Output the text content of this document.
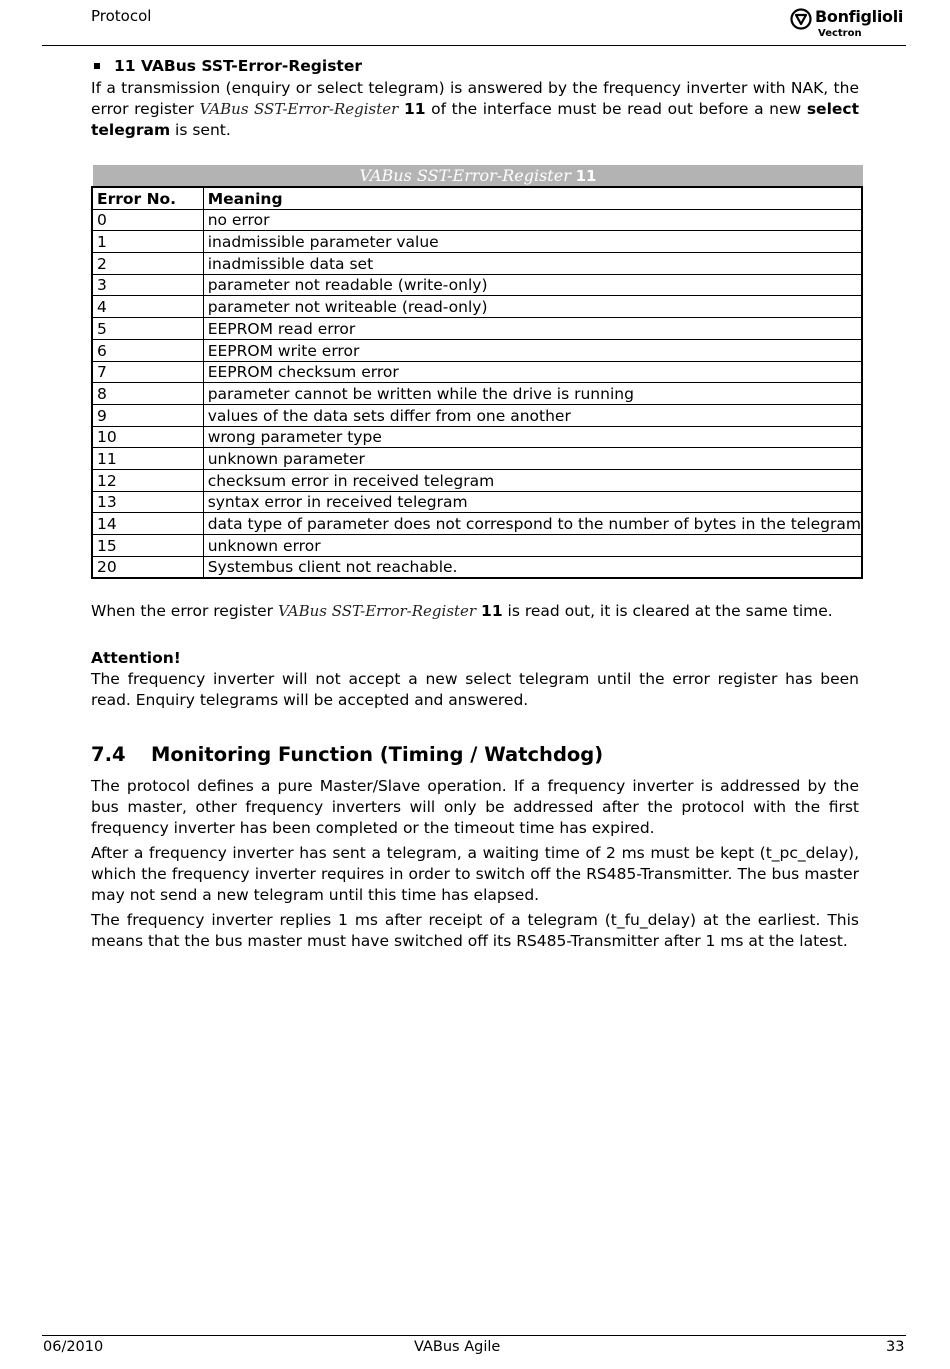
Protocol	Bonfiglioli
Vectron
11 VABus SST-Error-Register

If a transmission (enquiry or select telegram) is answered by the frequency inverter with NAK, the error register VABus SST-Error-Register 11 of the interface must be read out before a new select telegram is sent.

VABus SST-Error-Register 11
Error No.	Meaning
0	no error
1	inadmissible parameter value
2	inadmissible data set
3	parameter not readable (write-only)
4	parameter not writeable (read-only)
5	EEPROM read error
6	EEPROM write error
7	EEPROM checksum error
8	parameter cannot be written while the drive is running
9	values of the data sets differ from one another
10	wrong parameter type
11	unknown parameter
12	checksum error in received telegram
13	syntax error in received telegram
14	data type of parameter does not correspond to the number of bytes in the telegram
15	unknown error
20	Systembus client not reachable.

When the error register VABus SST-Error-Register 11 is read out, it is cleared at the same time.

Attention!

The frequency inverter will not accept a new select telegram until the error register has been read. Enquiry telegrams will be accepted and answered.

7.4 Monitoring Function (Timing / Watchdog)

The protocol defines a pure Master/Slave operation. If a frequency inverter is addressed by the bus master, other frequency inverters will only be addressed after the protocol with the first frequency inverter has been completed or the timeout time has expired.

After a frequency inverter has sent a telegram, a waiting time of 2 ms must be kept (t_pc_delay), which the frequency inverter requires in order to switch off the RS485-Transmitter. The bus master may not send a new telegram until this time has elapsed.

The frequency inverter replies 1 ms after receipt of a telegram (t_fu_delay) at the earliest. This means that the bus master must have switched off its RS485-Transmitter after 1 ms at the latest.

06/2010	VABus Agile	33
